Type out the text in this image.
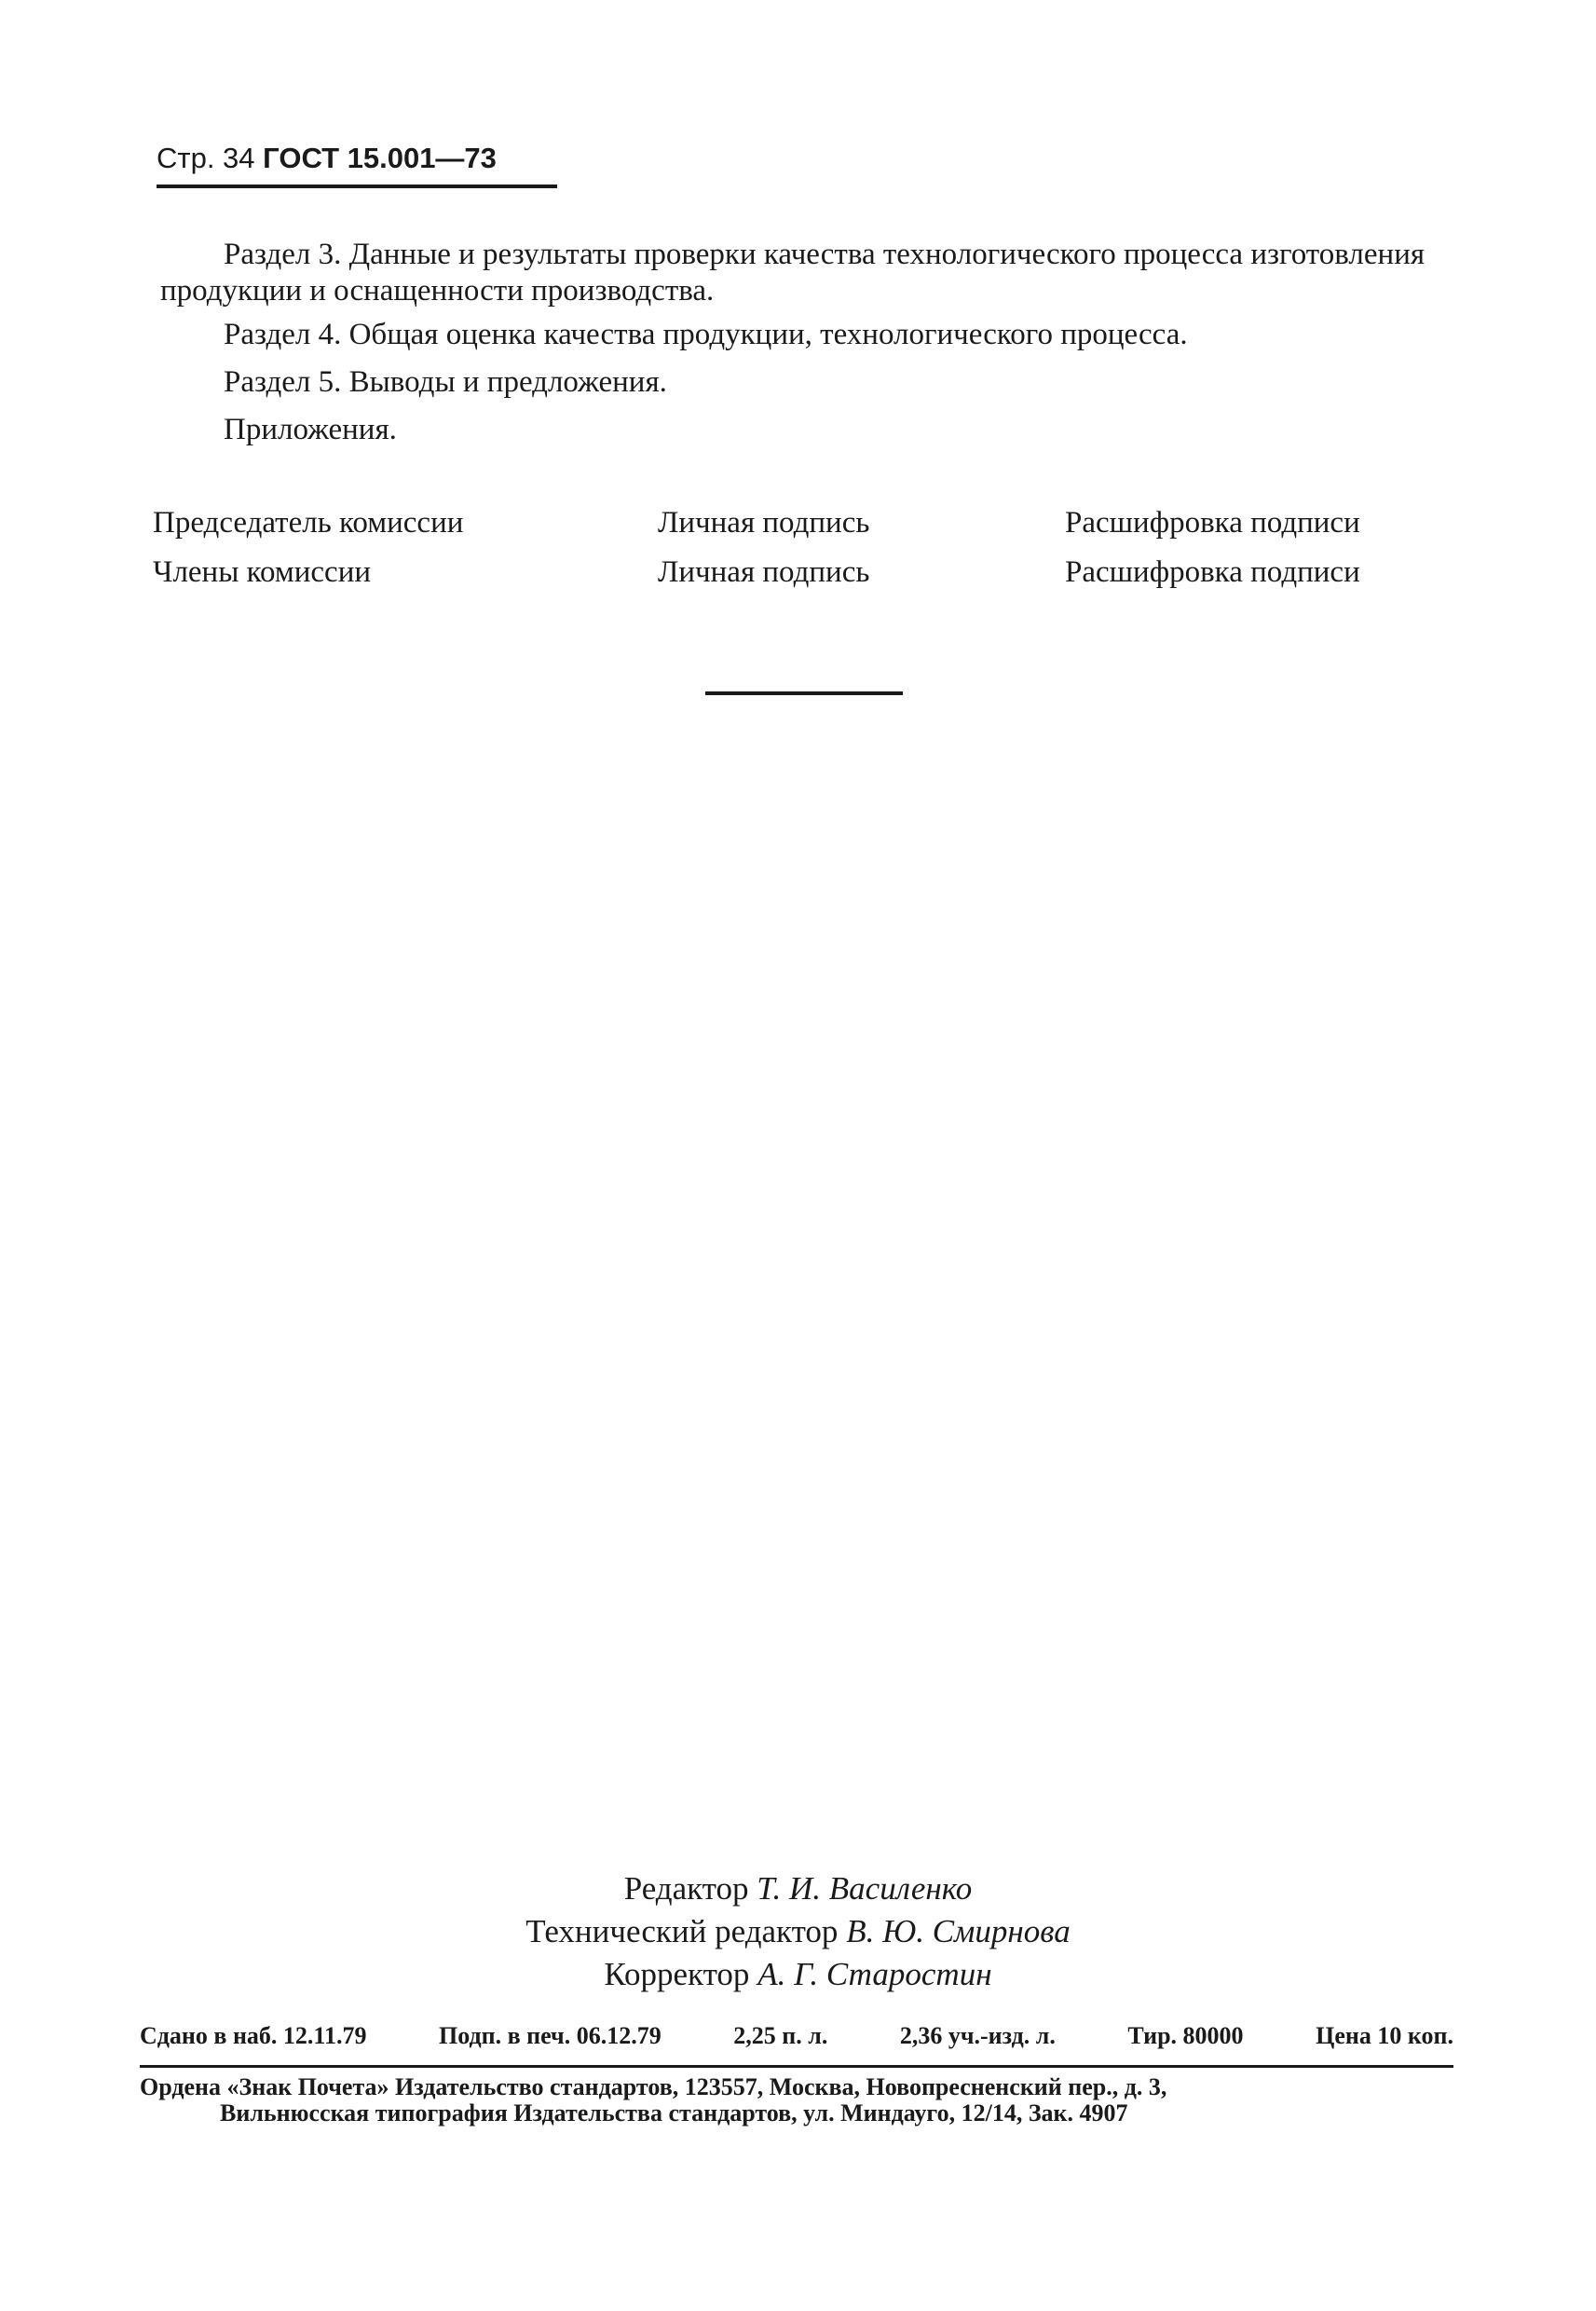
Стр. 34 ГОСТ 15.001—73

Раздел 3. Данные и результаты проверки качества технологического процесса изготовления продукции и оснащенности производства.

Раздел 4. Общая оценка качества продукции, технологического процесса.

Раздел 5. Выводы и предложения.

Приложения.

Председатель комиссии	Личная подпись	Расшифровка подписи
Члены комиссии	Личная подпись	Расшифровка подписи
Редактор Т. И. Василенко
Технический редактор В. Ю. Смирнова
Корректор А. Г. Старостин
Сдано в наб. 12.11.79	Подп. в печ. 06.12.79	2,25 п. л.	2,36 уч.-изд. л.	Тир. 80000	Цена 10 коп.
Ордена «Знак Почета» Издательство стандартов, 123557, Москва, Новопресненский пер., д. 3,
Вильнюсская типография Издательства стандартов, ул. Миндауго, 12/14, Зак. 4907
